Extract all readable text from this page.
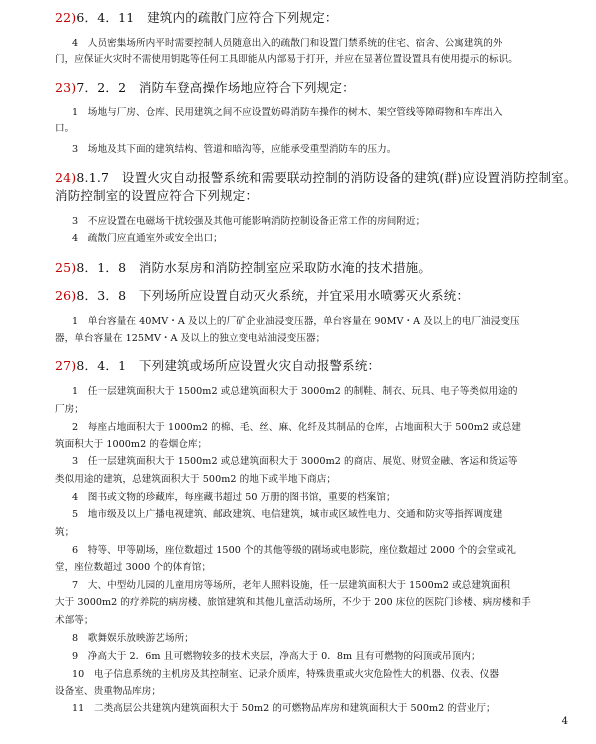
22)6．4．11　建筑内的疏散门应符合下列规定：
4　人员密集场所内平时需要控制人员随意出入的疏散门和设置门禁系统的住宅、宿舍、公寓建筑的外
门，应保证火灾时不需使用钥匙等任何工具即能从内部易于打开，并应在显著位置设置具有使用提示的标识。
23)7．2．2　消防车登高操作场地应符合下列规定：
1　场地与厂房、仓库、民用建筑之间不应设置妨碍消防车操作的树木、架空管线等障碍物和车库出入
口。
3　场地及其下面的建筑结构、管道和暗沟等，应能承受重型消防车的压力。
24)8.1.7　设置火灾自动报警系统和需要联动控制的消防设备的建筑(群)应设置消防控制室。
消防控制室的设置应符合下列规定：
3　不应设置在电磁场干扰较强及其他可能影响消防控制设备正常工作的房间附近；
4　疏散门应直通室外或安全出口；
25)8．1．8　消防水泵房和消防控制室应采取防水淹的技术措施。
26)8．3．8　下列场所应设置自动灭火系统，并宜采用水喷雾灭火系统：
1　单台容量在 40MV・A 及以上的厂矿企业油浸变压器，单台容量在 90MV・A 及以上的电厂油浸变压
器，单台容量在 125MV・A 及以上的独立变电站油浸变压器；
27)8．4．1　下列建筑或场所应设置火灾自动报警系统：
1　任一层建筑面积大于 1500m2 或总建筑面积大于 3000m2 的制鞋、制衣、玩具、电子等类似用途的
厂房；
2　每座占地面积大于 1000m2 的棉、毛、丝、麻、化纤及其制品的仓库，占地面积大于 500m2 或总建
筑面积大于 1000m2 的卷烟仓库；
3　任一层建筑面积大于 1500m2 或总建筑面积大于 3000m2 的商店、展览、财贸金融、客运和货运等
类似用途的建筑，总建筑面积大于 500m2 的地下或半地下商店；
4　图书或文物的珍藏库，每座藏书超过 50 万册的图书馆，重要的档案馆；
5　地市级及以上广播电视建筑、邮政建筑、电信建筑，城市或区域性电力、交通和防灾等指挥调度建
筑；
6　特等、甲等剧场，座位数超过 1500 个的其他等级的剧场或电影院，座位数超过 2000 个的会堂或礼
堂，座位数超过 3000 个的体育馆；
7　大、中型幼儿园的儿童用房等场所，老年人照料设施，任一层建筑面积大于 1500m2 或总建筑面积
大于 3000m2 的疗养院的病房楼、旅馆建筑和其他儿童活动场所，不少于 200 床位的医院门诊楼、病房楼和手
术部等；
8　歌舞娱乐放映游艺场所；
9　净高大于 2．6m 且可燃物较多的技术夹层，净高大于 0．8m 且有可燃物的闷顶或吊顶内；
10　电子信息系统的主机房及其控制室、记录介质库，特殊贵重或火灾危险性大的机器、仪表、仪器
设备室、贵重物品库房；
11　二类高层公共建筑内建筑面积大于 50m2 的可燃物品库房和建筑面积大于 500m2 的营业厅；
4
